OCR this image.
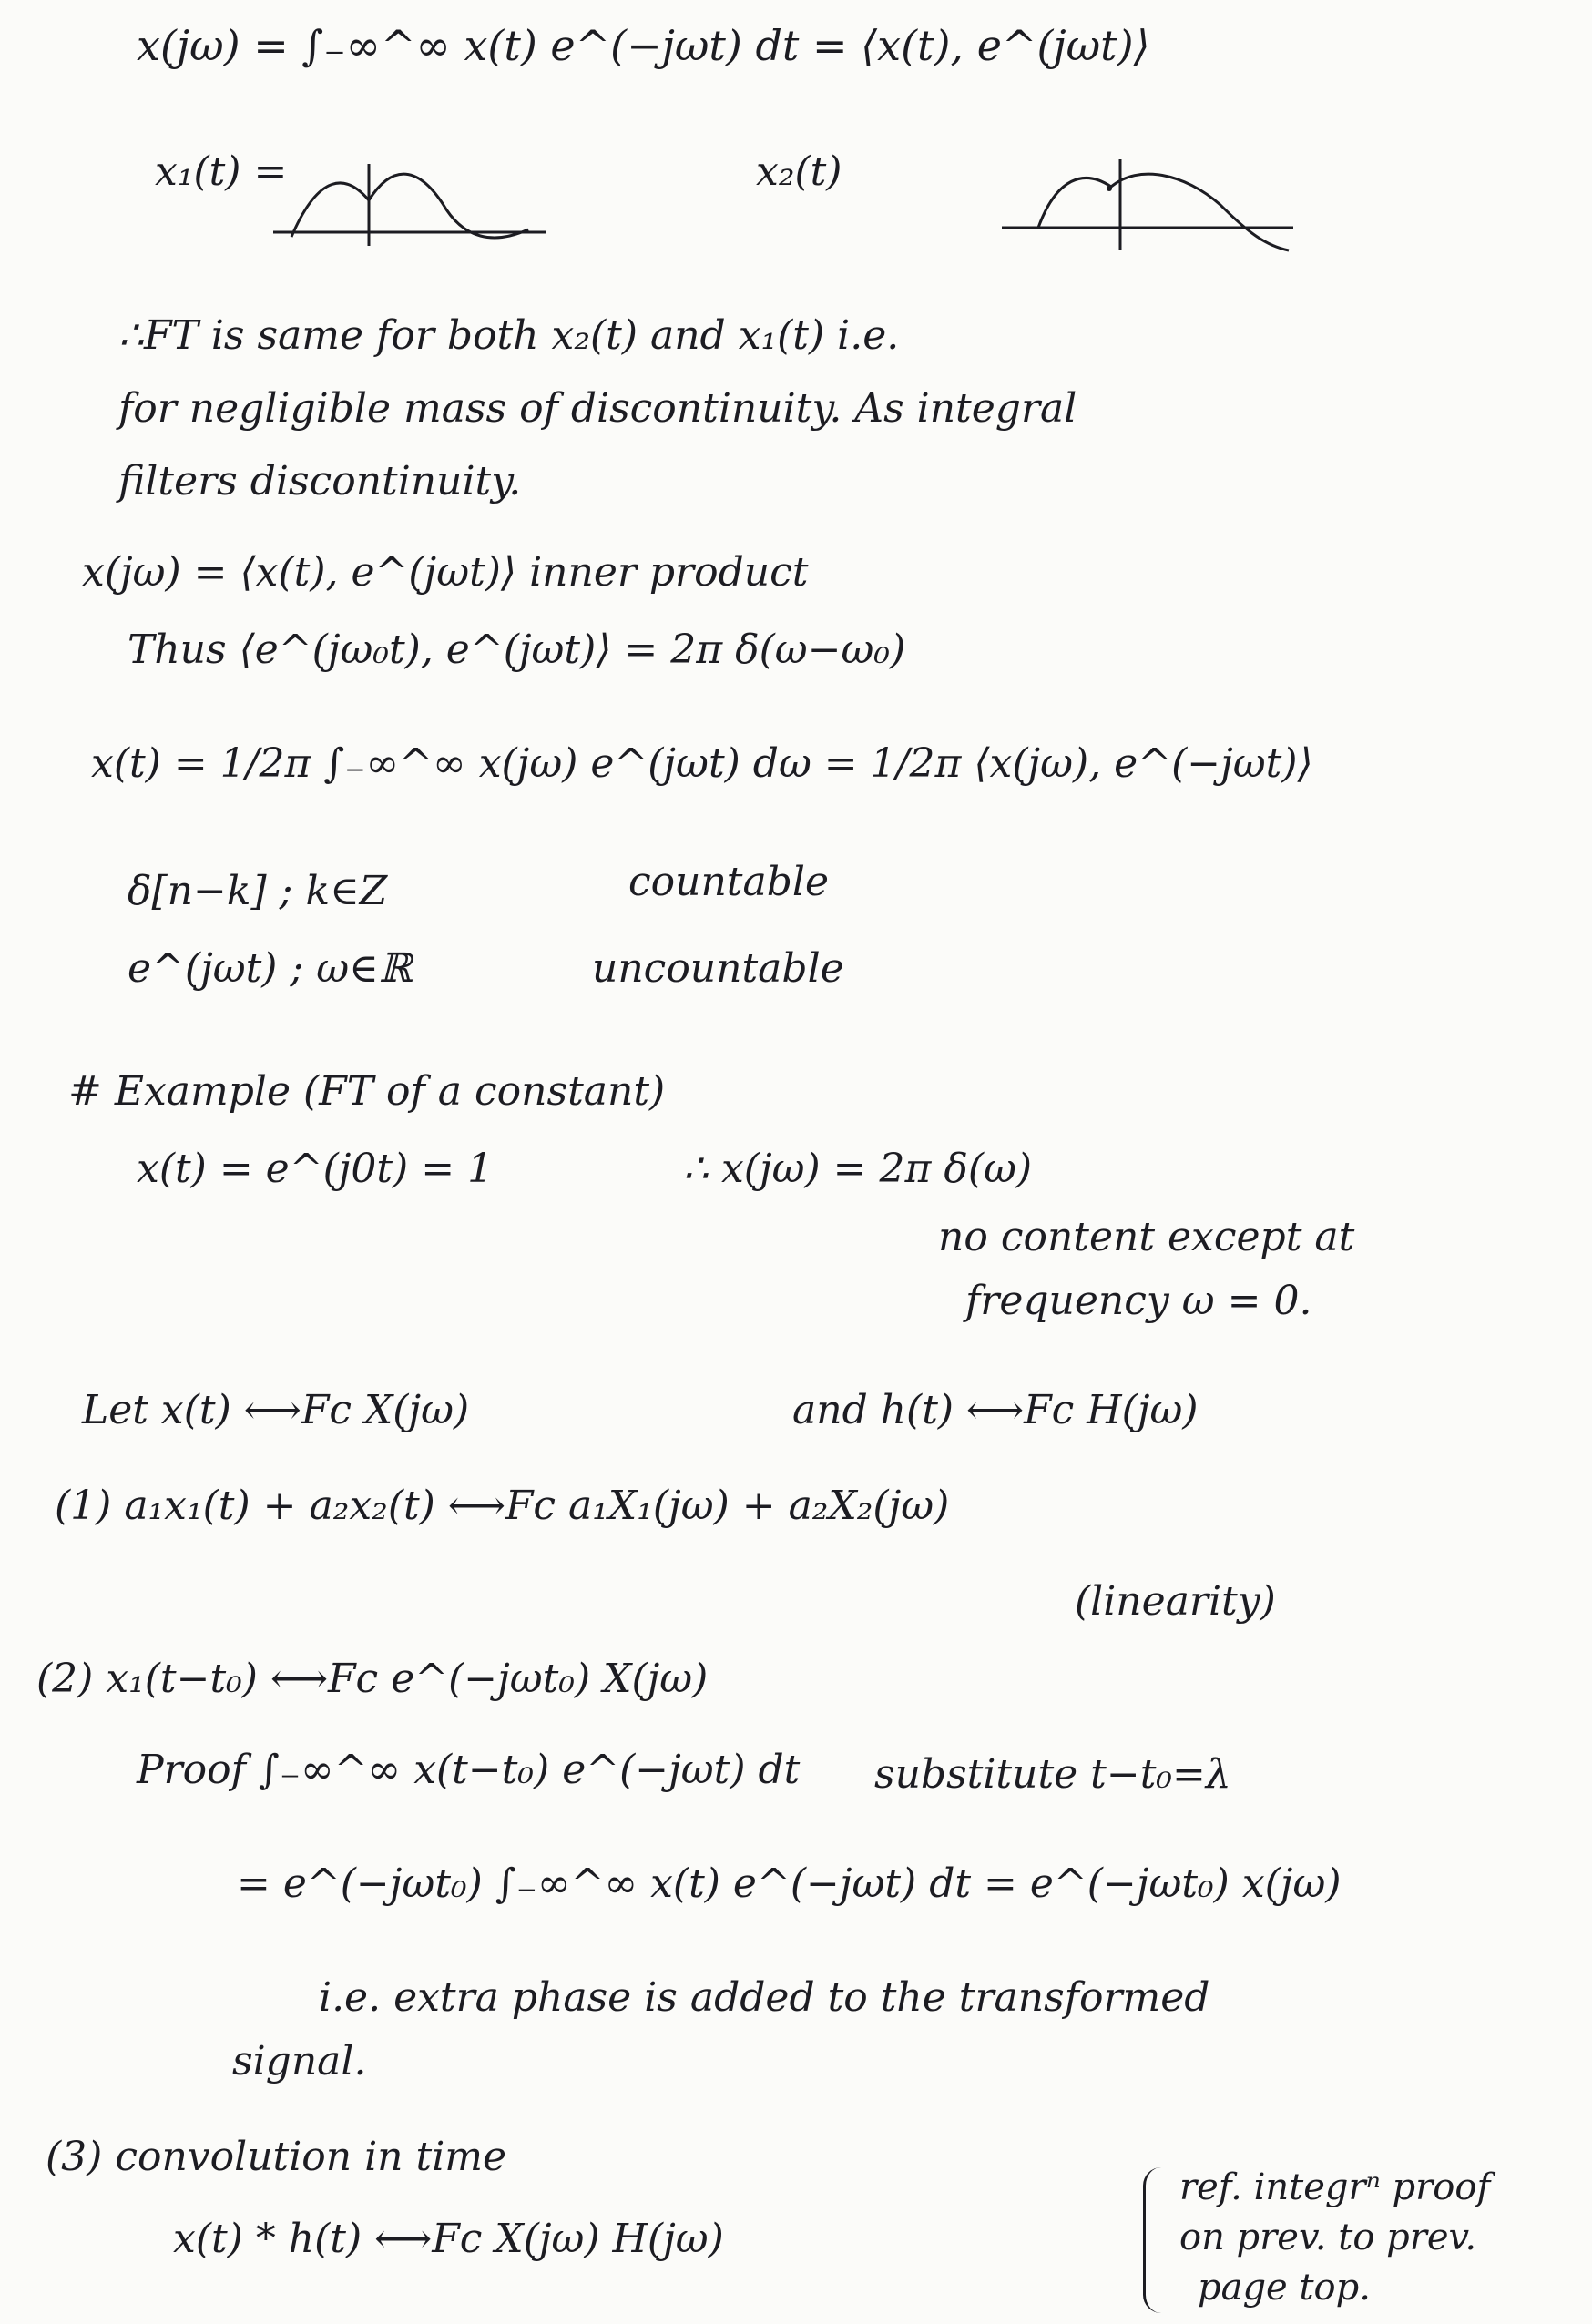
x(jω) = ∫₋∞^∞ x(t) e^(−jωt) dt = ⟨x(t), e^(jωt)⟩
x₁(t) =	x₂(t)
∴FT is same for both x₂(t) and x₁(t) i.e.
for negligible mass of discontinuity. As integral
filters discontinuity.
x(jω) = ⟨x(t), e^(jωt)⟩ inner product
Thus ⟨e^(jω₀t), e^(jωt)⟩ = 2π δ(ω−ω₀)
x(t) = 1/2π ∫₋∞^∞ x(jω) e^(jωt) dω = 1/2π ⟨x(jω), e^(−jωt)⟩
δ[n−k] ; k∈Z	countable
e^(jωt) ; ω∈ℝ	uncountable
# Example (FT of a constant)
x(t) = e^(j0t) = 1	∴ x(jω) = 2π δ(ω)
no content except at
frequency ω = 0.
Let x(t) ⟷Fc X(jω)	and h(t) ⟷Fc H(jω)
(1) a₁x₁(t) + a₂x₂(t) ⟷Fc a₁X₁(jω) + a₂X₂(jω)
(linearity)
(2) x₁(t−t₀) ⟷Fc e^(−jωt₀) X(jω)
Proof ∫₋∞^∞ x(t−t₀) e^(−jωt) dt substitute t−t₀=λ
= e^(−jωt₀) ∫₋∞^∞ x(t) e^(−jωt) dt = e^(−jωt₀) x(jω)
i.e. extra phase is added to the transformed
signal.
(3) convolution in time
x(t) * h(t) ⟷Fc X(jω) H(jω)
ref. integrⁿ proof
on prev. to prev.
page top.
